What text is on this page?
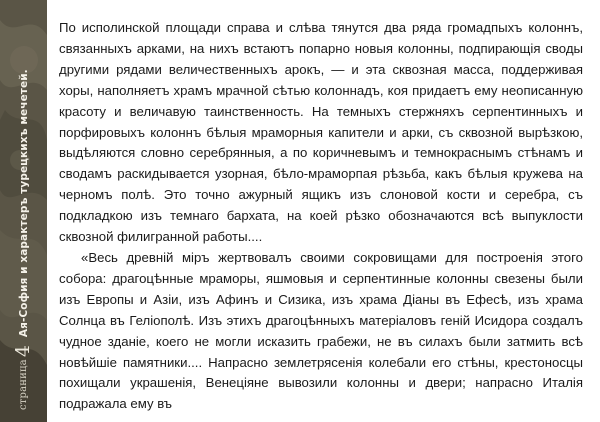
страница
4
Ая-София и характеръ турецкихъ мечетей.

По исполинской площади справа и слѣва тянутся два ряда громадпыхъ колоннъ, связанныхъ арками, на нихъ встаютъ попарно новыя колонны, подпирающія своды другими рядами величественныхъ арокъ, — и эта сквозная масса, поддерживая хоры, наполняетъ храмъ мрачной сѣтью колоннадъ, коя придаетъ ему неописанную красоту и величавую таинственность. На темныхъ стержняхъ серпентинныхъ и порфировыхъ колоннъ бѣлыя мраморныя капители и арки, съ сквозной вырѣзкою, выдѣляются словно серебрянныя, а по коричневымъ и темнокраснымъ стѣнамъ и сводамъ раскидывается узорная, бѣло-мраморпая рѣзьба, какъ бѣлыя кружева на черномъ полѣ. Это точно ажурный ящикъ изъ слоновой кости и серебра, съ подкладкою изъ темнаго бархата, на коей рѣзко обозначаются всѣ выпуклости сквозной филигранной работы....

«Весь древній міръ жертвовалъ своими сокровищами для построенія этого собора: драгоцѣнные мраморы, яшмовыя и серпентинные колонны свезены были изъ Европы и Азіи, изъ Афинъ и Сизика, изъ храма Діаны въ Ефесѣ, изъ храма Солнца въ Геліополѣ. Изъ этихъ драгоцѣнныхъ матеріаловъ геній Исидора создалъ чудное зданіе, коего не могли исказить грабежи, не въ силахъ были затмить всѣ новѣйшіе памятники.... Напрасно землетрясенія колебали его стѣны, крестоносцы похищали украшенія, Венеціяне вывозили колонны и двери; напрасно Италія подражала ему въ
